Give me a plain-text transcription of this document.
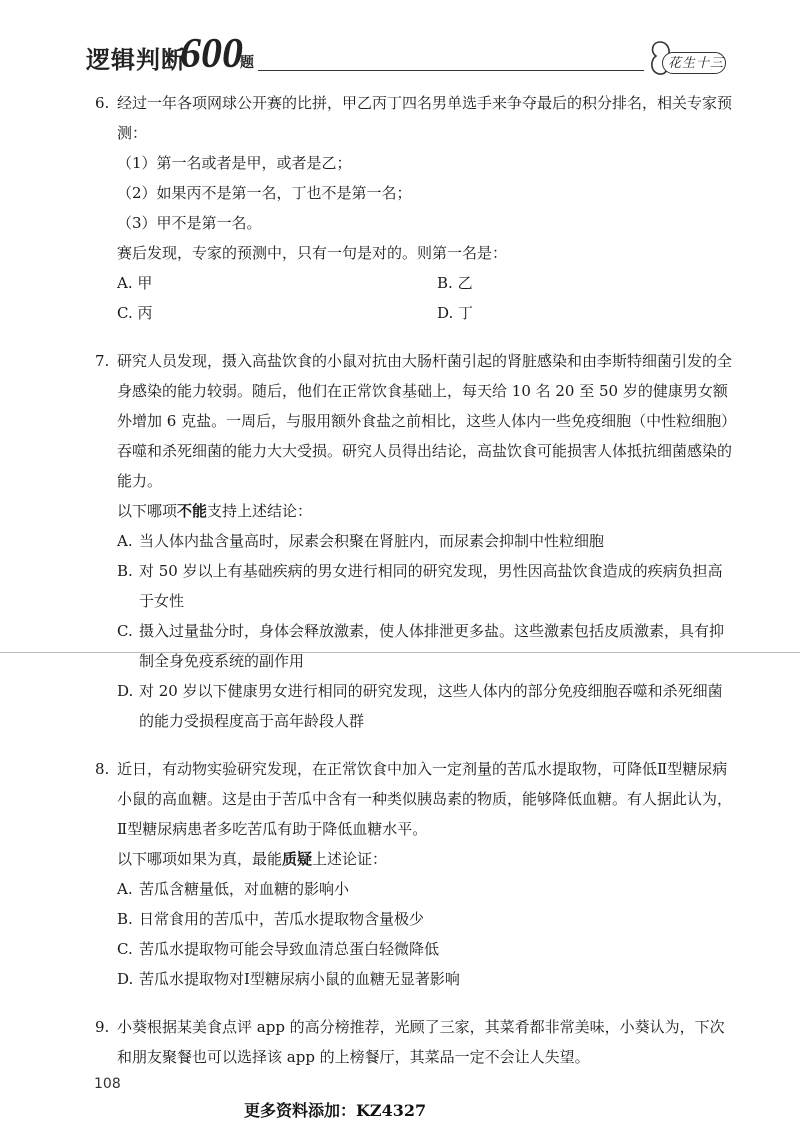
逻辑判断
600
题	花生十三
6. 经过一年各项网球公开赛的比拼，甲乙丙丁四名男单选手来争夺最后的积分排名，相关专家预测：
（1）第一名或者是甲，或者是乙；
（2）如果丙不是第一名，丁也不是第一名；
（3）甲不是第一名。
赛后发现，专家的预测中，只有一句是对的。则第一名是：
A. 甲	B. 乙
C. 丙	D. 丁
7. 研究人员发现，摄入高盐饮食的小鼠对抗由大肠杆菌引起的肾脏感染和由李斯特细菌引发的全身感染的能力较弱。随后，他们在正常饮食基础上，每天给 10 名 20 至 50 岁的健康男女额外增加 6 克盐。一周后，与服用额外食盐之前相比，这些人体内一些免疫细胞（中性粒细胞）吞噬和杀死细菌的能力大大受损。研究人员得出结论，高盐饮食可能损害人体抵抗细菌感染的能力。
以下哪项不能支持上述结论：
A. 当人体内盐含量高时，尿素会积聚在肾脏内，而尿素会抑制中性粒细胞
B. 对 50 岁以上有基础疾病的男女进行相同的研究发现，男性因高盐饮食造成的疾病负担高于女性
C. 摄入过量盐分时，身体会释放激素，使人体排泄更多盐。这些激素包括皮质激素，具有抑制全身免疫系统的副作用
D. 对 20 岁以下健康男女进行相同的研究发现，这些人体内的部分免疫细胞吞噬和杀死细菌的能力受损程度高于高年龄段人群
8. 近日，有动物实验研究发现，在正常饮食中加入一定剂量的苦瓜水提取物，可降低Ⅱ型糖尿病小鼠的高血糖。这是由于苦瓜中含有一种类似胰岛素的物质，能够降低血糖。有人据此认为，Ⅱ型糖尿病患者多吃苦瓜有助于降低血糖水平。
以下哪项如果为真，最能质疑上述论证：
A. 苦瓜含糖量低，对血糖的影响小
B. 日常食用的苦瓜中，苦瓜水提取物含量极少
C. 苦瓜水提取物可能会导致血清总蛋白轻微降低
D. 苦瓜水提取物对Ⅰ型糖尿病小鼠的血糖无显著影响
9. 小葵根据某美食点评 app 的高分榜推荐，光顾了三家，其菜肴都非常美味，小葵认为，下次和朋友聚餐也可以选择该 app 的上榜餐厅，其菜品一定不会让人失望。
108
更多资料添加：KZ4327
